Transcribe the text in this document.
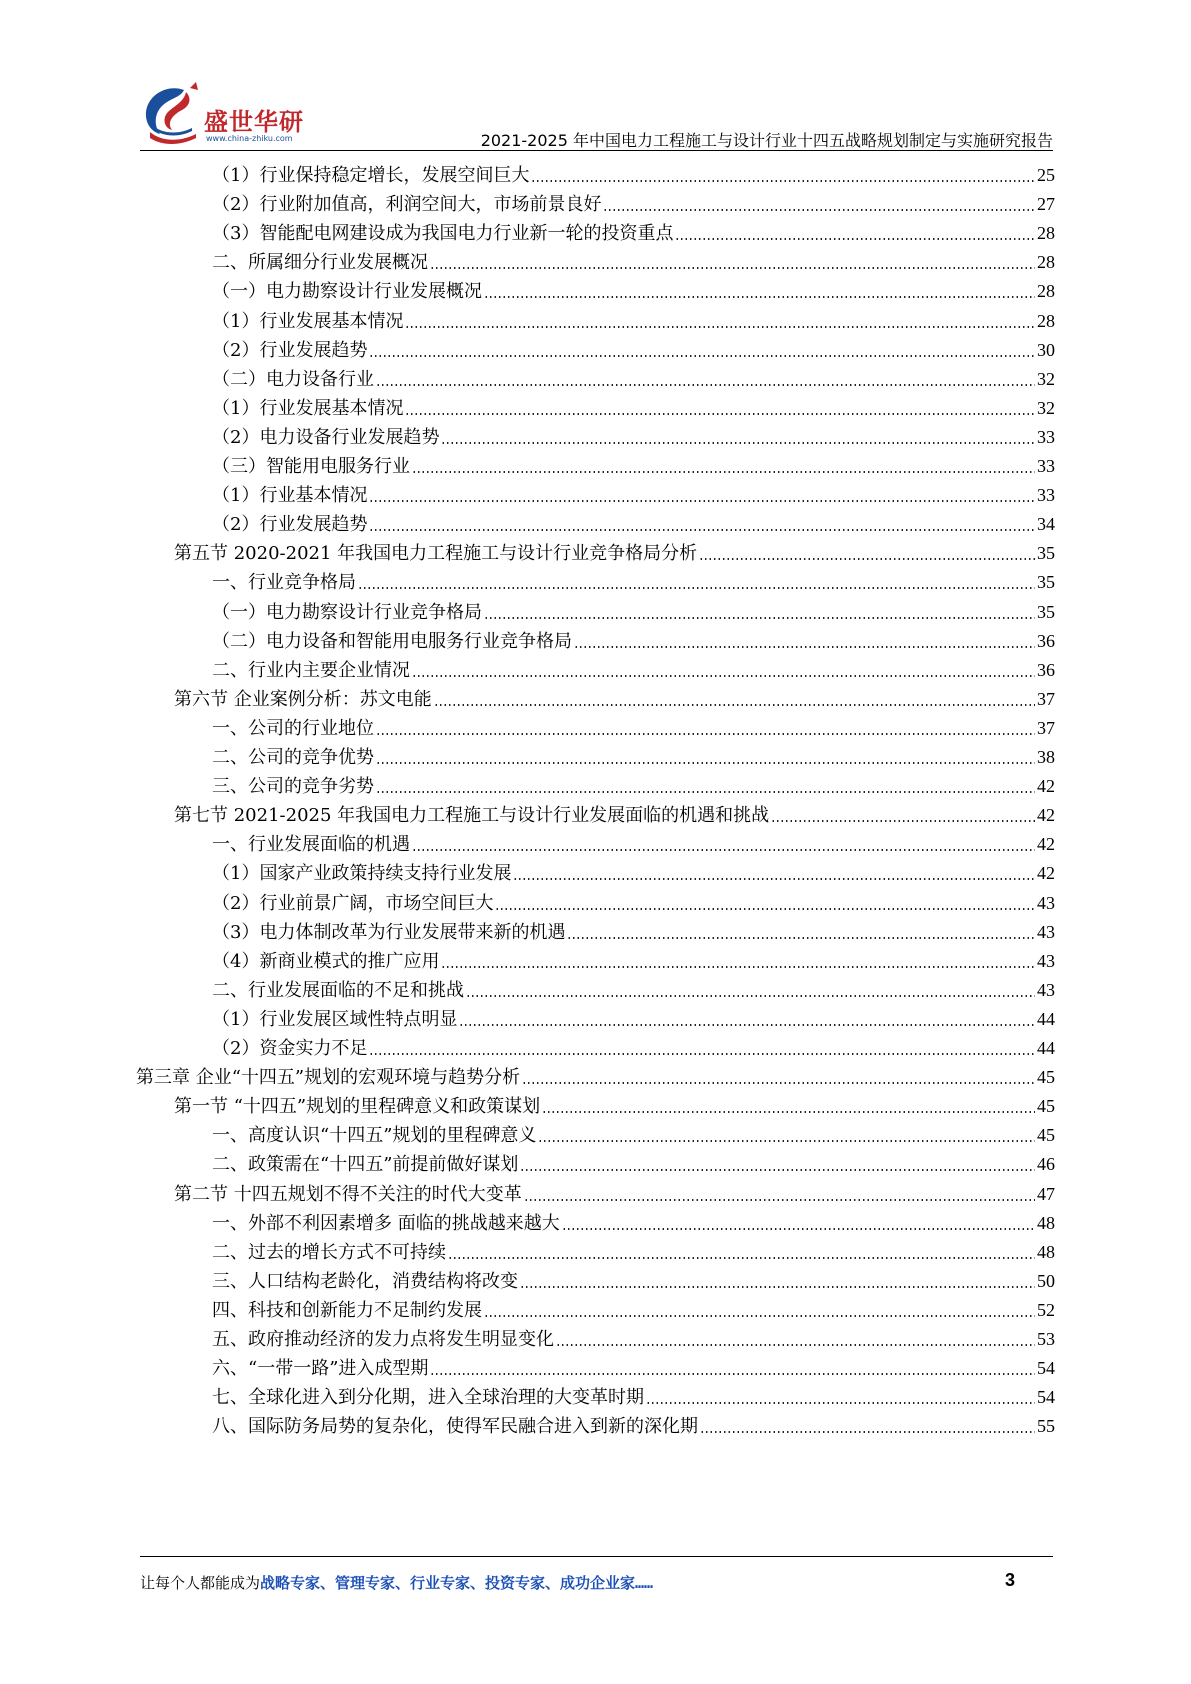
盛世华研
www.china-zhiku.com	2021-2025 年中国电力工程施工与设计行业十四五战略规划制定与实施研究报告
（1）行业保持稳定增长，发展空间巨大	25
（2）行业附加值高，利润空间大，市场前景良好	27
（3）智能配电网建设成为我国电力行业新一轮的投资重点	28
二、所属细分行业发展概况	28
（一）电力勘察设计行业发展概况	28
（1）行业发展基本情况	28
（2）行业发展趋势	30
（二）电力设备行业	32
（1）行业发展基本情况	32
（2）电力设备行业发展趋势	33
（三）智能用电服务行业	33
（1）行业基本情况	33
（2）行业发展趋势	34
第五节 2020-2021 年我国电力工程施工与设计行业竞争格局分析	35
一、行业竞争格局	35
（一）电力勘察设计行业竞争格局	35
（二）电力设备和智能用电服务行业竞争格局	36
二、行业内主要企业情况	36
第六节 企业案例分析：苏文电能	37
一、公司的行业地位	37
二、公司的竞争优势	38
三、公司的竞争劣势	42
第七节 2021-2025 年我国电力工程施工与设计行业发展面临的机遇和挑战	42
一、行业发展面临的机遇	42
（1）国家产业政策持续支持行业发展	42
（2）行业前景广阔，市场空间巨大	43
（3）电力体制改革为行业发展带来新的机遇	43
（4）新商业模式的推广应用	43
二、行业发展面临的不足和挑战	43
（1）行业发展区域性特点明显	44
（2）资金实力不足	44
第三章 企业“十四五”规划的宏观环境与趋势分析	45
第一节 “十四五”规划的里程碑意义和政策谋划	45
一、高度认识“十四五”规划的里程碑意义	45
二、政策需在“十四五”前提前做好谋划	46
第二节 十四五规划不得不关注的时代大变革	47
一、外部不利因素增多 面临的挑战越来越大	48
二、过去的增长方式不可持续	48
三、人口结构老龄化，消费结构将改变	50
四、科技和创新能力不足制约发展	52
五、政府推动经济的发力点将发生明显变化	53
六、“一带一路”进入成型期	54
七、全球化进入到分化期，进入全球治理的大变革时期	54
八、国际防务局势的复杂化，使得军民融合进入到新的深化期	55
让每个人都能成为战略专家、管理专家、行业专家、投资专家、成功企业家……	3
